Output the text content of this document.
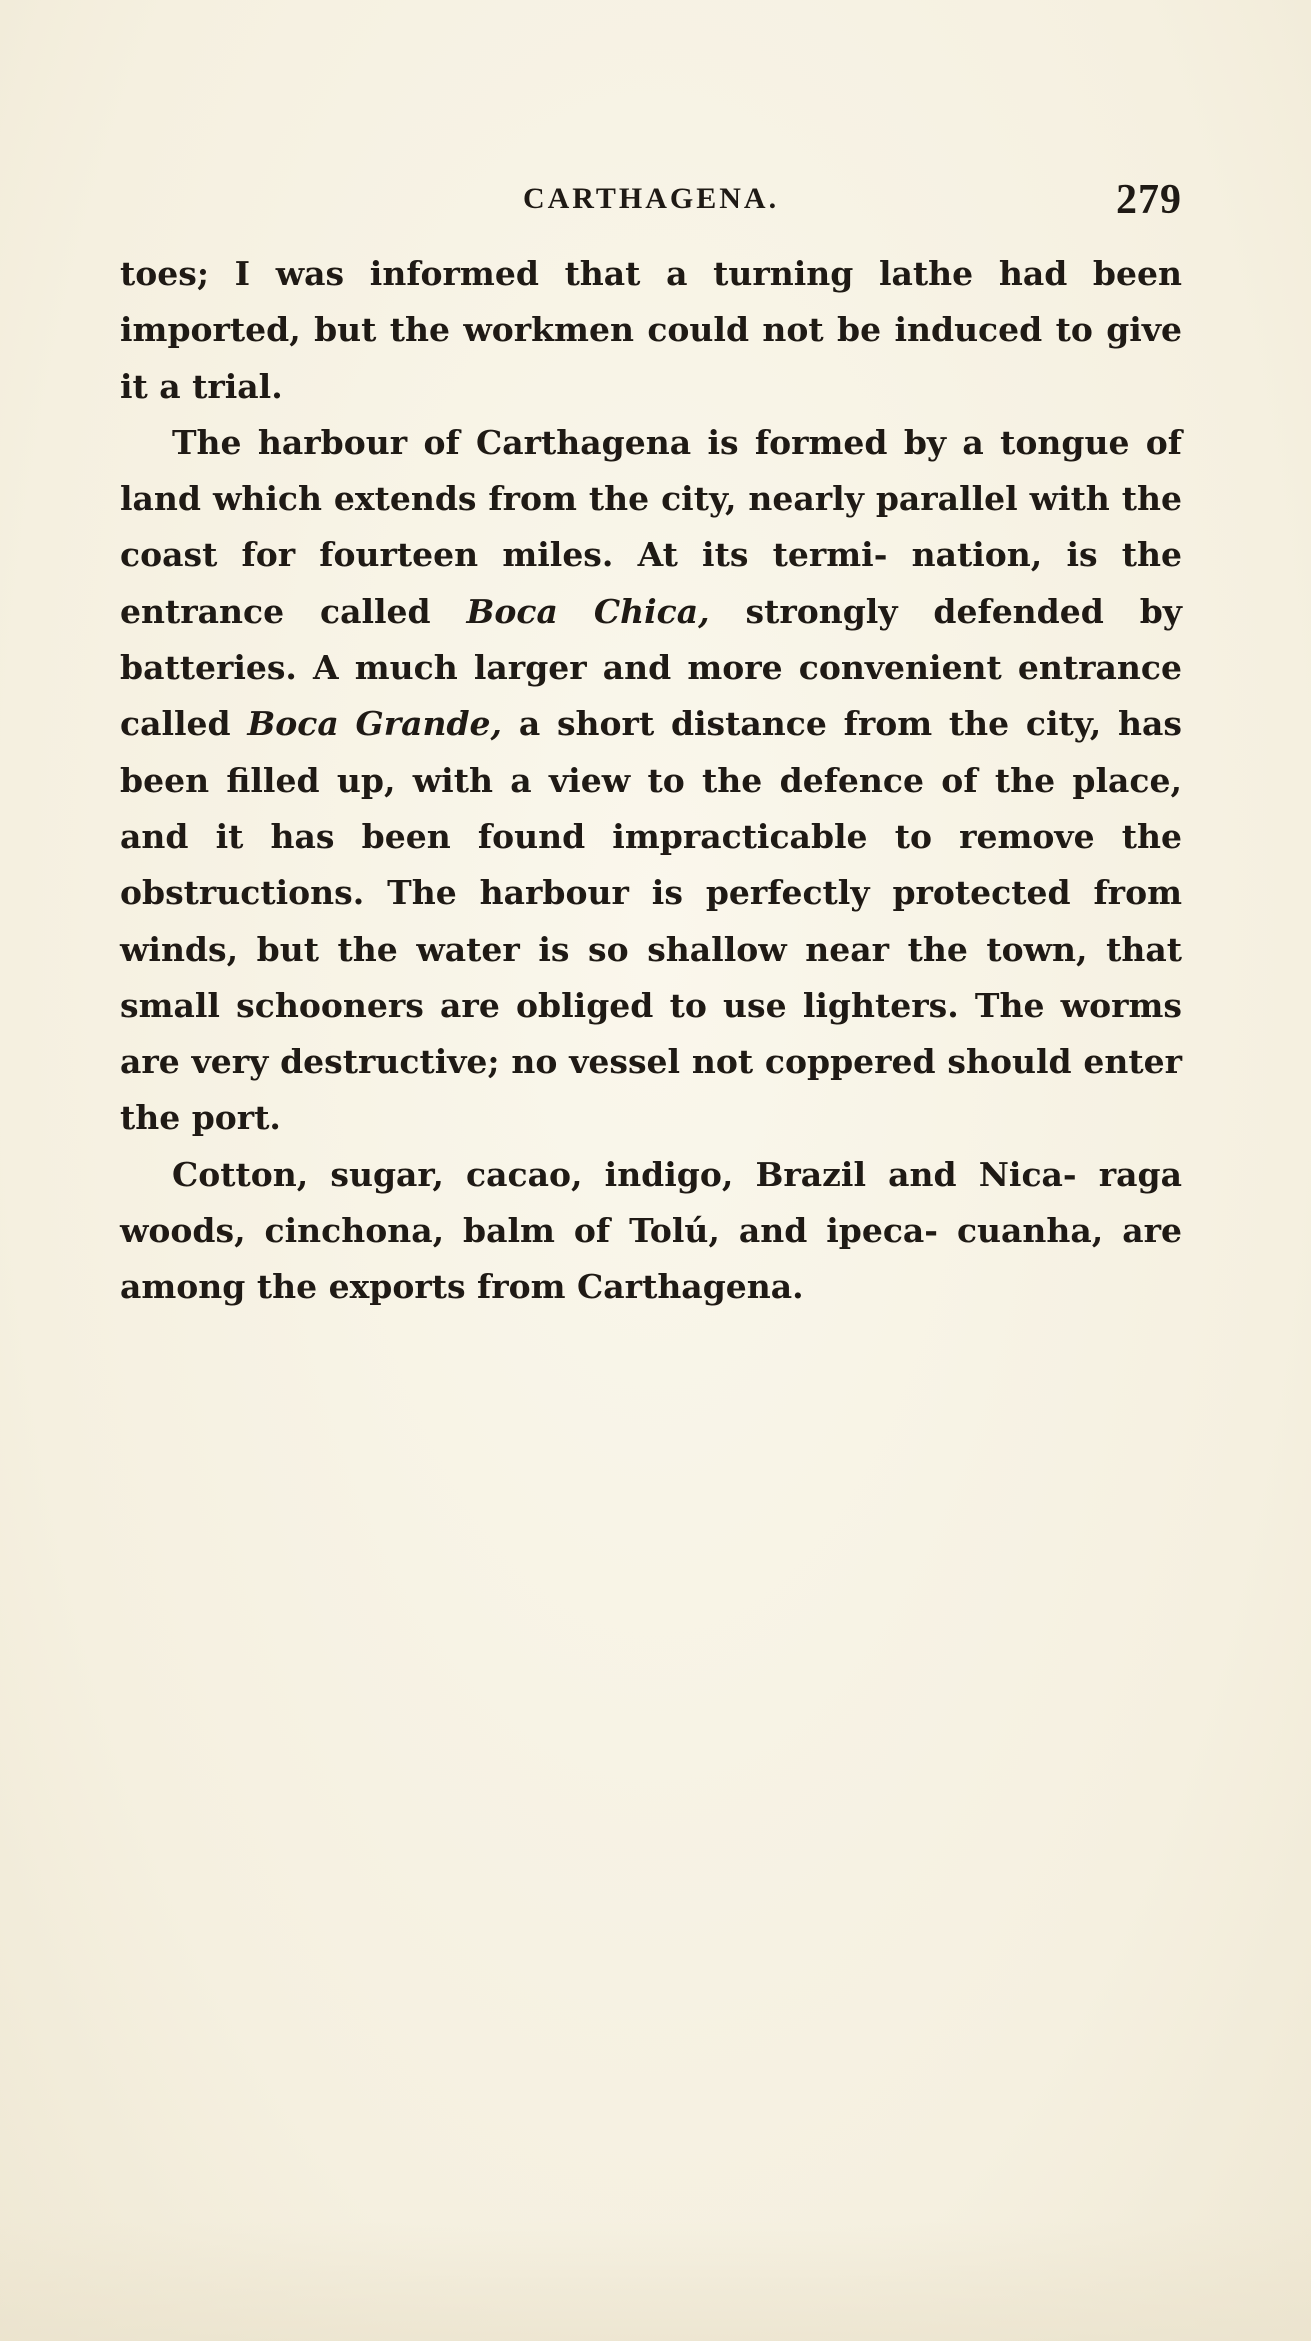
CARTHAGENA.	279

toes; I was informed that a turning lathe had been imported, but the workmen could not be induced to give it a trial.

The harbour of Carthagena is formed by a tongue of land which extends from the city, nearly parallel with the coast for fourteen miles. At its termi- nation, is the entrance called Boca Chica, strongly defended by batteries. A much larger and more convenient entrance called Boca Grande, a short distance from the city, has been filled up, with a view to the defence of the place, and it has been found impracticable to remove the obstructions. The harbour is perfectly protected from winds, but the water is so shallow near the town, that small schooners are obliged to use lighters. The worms are very destructive; no vessel not coppered should enter the port.

Cotton, sugar, cacao, indigo, Brazil and Nica- raga woods, cinchona, balm of Tolú, and ipeca- cuanha, are among the exports from Carthagena.
